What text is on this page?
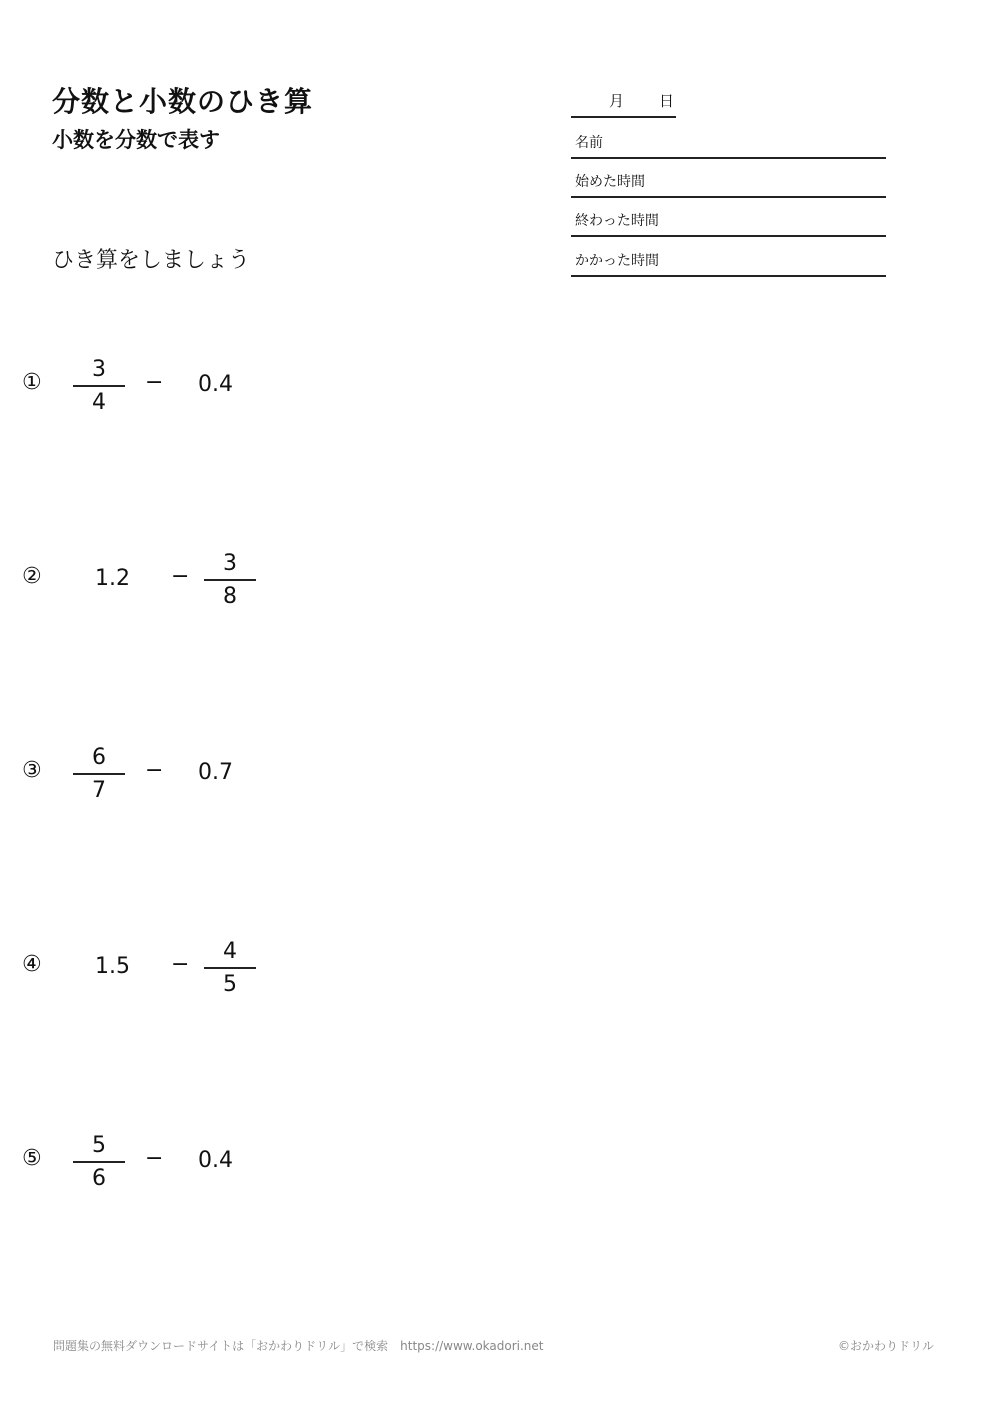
分数と小数のひき算
小数を分数で表す
ひき算をしましょう
月 日
名前
始めた時間
終わった時間
かかった時間
①
3
4
− 0.4
② 1.2 −
3
8
③
6
7
− 0.7
④ 1.5 −
4
5
⑤
5
6
− 0.4
問題集の無料ダウンロードサイトは「おかわりドリル」で検索　https://www.okadori.net	©おかわりドリル
